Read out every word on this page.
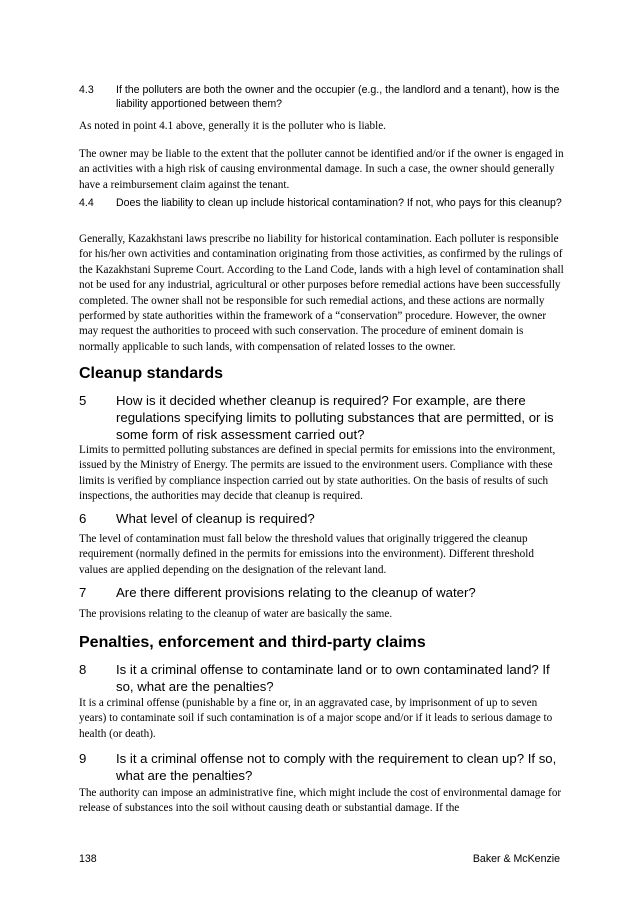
4.3 If the polluters are both the owner and the occupier (e.g., the landlord and a tenant), how is the liability apportioned between them?

As noted in point 4.1 above, generally it is the polluter who is liable.

The owner may be liable to the extent that the polluter cannot be identified and/or if the owner is engaged in an activities with a high risk of causing environmental damage. In such a case, the owner should generally have a reimbursement claim against the tenant.

4.4 Does the liability to clean up include historical contamination? If not, who pays for this cleanup?

Generally, Kazakhstani laws prescribe no liability for historical contamination. Each polluter is responsible for his/her own activities and contamination originating from those activities, as confirmed by the rulings of the Kazakhstani Supreme Court. According to the Land Code, lands with a high level of contamination shall not be used for any industrial, agricultural or other purposes before remedial actions have been successfully completed. The owner shall not be responsible for such remedial actions, and these actions are normally performed by state authorities within the framework of a “conservation” procedure. However, the owner may request the authorities to proceed with such conservation. The procedure of eminent domain is normally applicable to such lands, with compensation of related losses to the owner.

Cleanup standards
5 How is it decided whether cleanup is required? For example, are there regulations specifying limits to polluting substances that are permitted, or is some form of risk assessment carried out?

Limits to permitted polluting substances are defined in special permits for emissions into the environment, issued by the Ministry of Energy. The permits are issued to the environment users. Compliance with these limits is verified by compliance inspection carried out by state authorities. On the basis of results of such inspections, the authorities may decide that cleanup is required.

6 What level of cleanup is required?

The level of contamination must fall below the threshold values that originally triggered the cleanup requirement (normally defined in the permits for emissions into the environment). Different threshold values are applied depending on the designation of the relevant land.

7 Are there different provisions relating to the cleanup of water?

The provisions relating to the cleanup of water are basically the same.

Penalties, enforcement and third-party claims
8 Is it a criminal offense to contaminate land or to own contaminated land? If so, what are the penalties?

It is a criminal offense (punishable by a fine or, in an aggravated case, by imprisonment of up to seven years) to contaminate soil if such contamination is of a major scope and/or if it leads to serious damage to health (or death).

9 Is it a criminal offense not to comply with the requirement to clean up? If so, what are the penalties?

The authority can impose an administrative fine, which might include the cost of environmental damage for release of substances into the soil without causing death or substantial damage. If the

138	Baker & McKenzie
